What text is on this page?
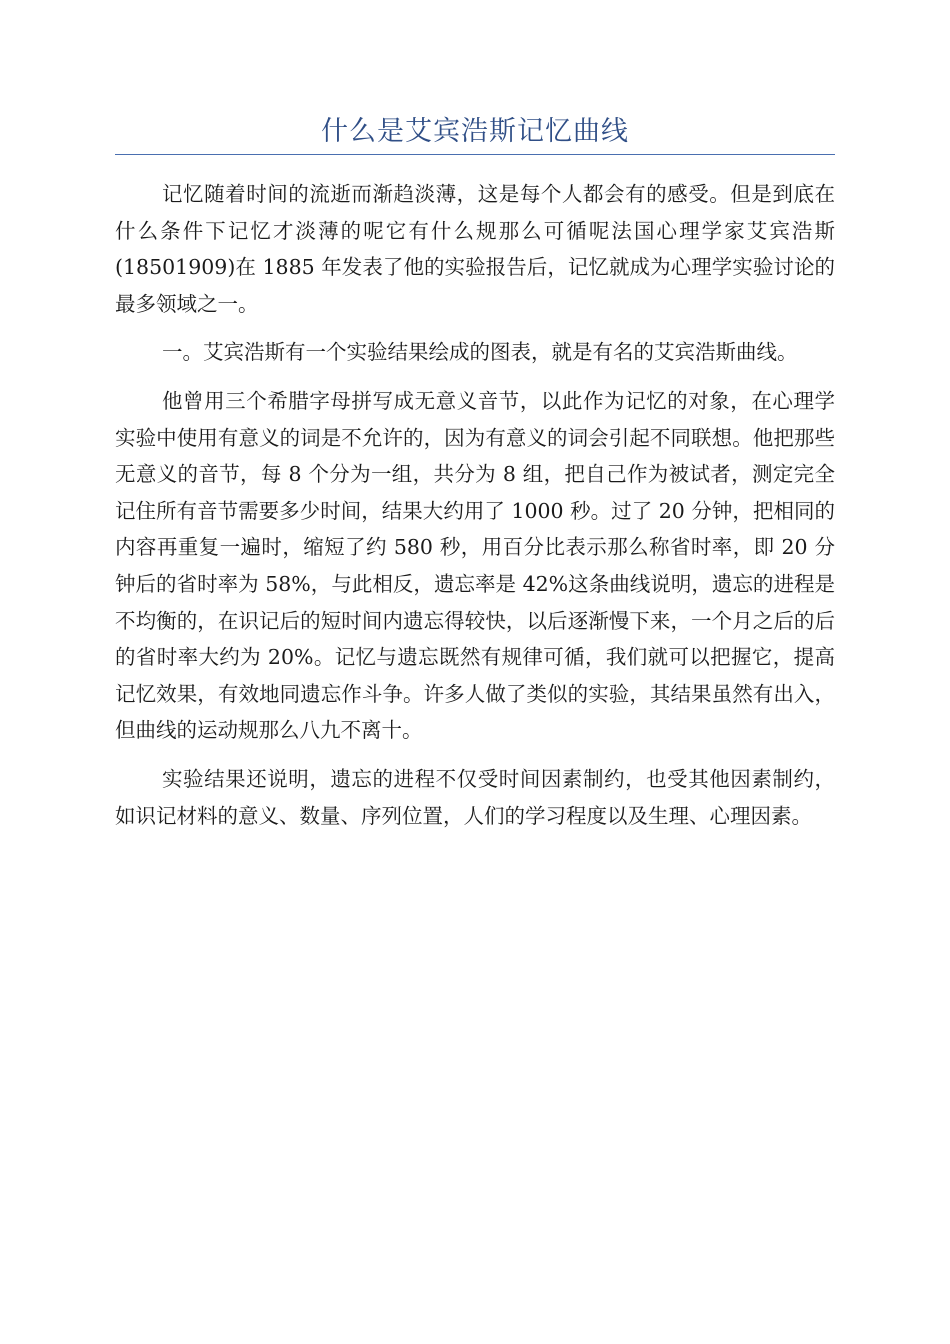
什么是艾宾浩斯记忆曲线

记忆随着时间的流逝而渐趋淡薄，这是每个人都会有的感受。但是到底在什么条件下记忆才淡薄的呢它有什么规那么可循呢法国心理学家艾宾浩斯(18501909)在 1885 年发表了他的实验报告后，记忆就成为心理学实验讨论的最多领域之一。

一。艾宾浩斯有一个实验结果绘成的图表，就是有名的艾宾浩斯曲线。

他曾用三个希腊字母拼写成无意义音节，以此作为记忆的对象，在心理学实验中使用有意义的词是不允许的，因为有意义的词会引起不同联想。他把那些无意义的音节，每 8 个分为一组，共分为 8 组，把自己作为被试者，测定完全记住所有音节需要多少时间，结果大约用了 1000 秒。过了 20 分钟，把相同的内容再重复一遍时，缩短了约 580 秒，用百分比表示那么称省时率，即 20 分钟后的省时率为 58%，与此相反，遗忘率是 42%这条曲线说明，遗忘的进程是不均衡的，在识记后的短时间内遗忘得较快，以后逐渐慢下来，一个月之后的后的省时率大约为 20%。记忆与遗忘既然有规律可循，我们就可以把握它，提高记忆效果，有效地同遗忘作斗争。许多人做了类似的实验，其结果虽然有出入，但曲线的运动规那么八九不离十。

实验结果还说明，遗忘的进程不仅受时间因素制约，也受其他因素制约，如识记材料的意义、数量、序列位置，人们的学习程度以及生理、心理因素。
